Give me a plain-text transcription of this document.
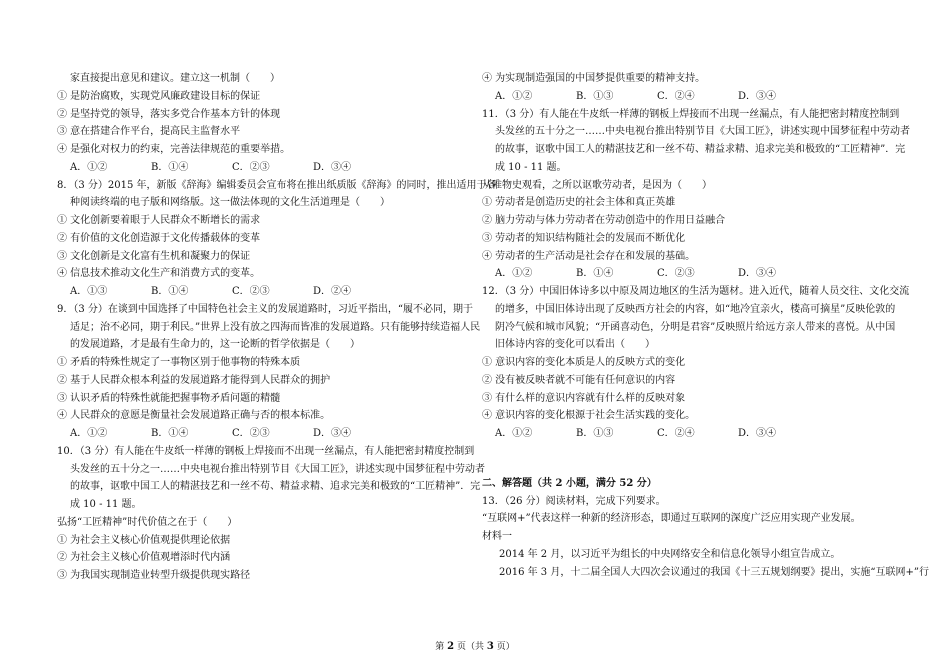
家直接提出意见和建议。建立这一机制（　　）
① 是防治腐败，实现党风廉政建设目标的保证
② 是坚持党的领导，落实多党合作基本方针的体现
③ 意在搭建合作平台，提高民主监督水平
④ 是强化对权力的约束，完善法律规范的重要举措。
A．①②	B．①④	C．②③	D．③④
8．（3 分）2015 年，新版《辞海》编辑委员会宣布将在推出纸质版《辞海》的同时，推出适用于各
种阅读终端的电子版和网络版。这一做法体现的文化生活道理是（　　）
① 文化创新要着眼于人民群众不断增长的需求
② 有价值的文化创造源于文化传播载体的变革
③ 文化创新是文化富有生机和凝聚力的保证
④ 信息技术推动文化生产和消费方式的变革。
A．①③	B．①④	C．②③	D．②④
9．（3 分）在谈到中国选择了中国特色社会主义的发展道路时，习近平指出，“履不必同，期于
适足；治不必同，期于利民。”世界上没有放之四海而皆准的发展道路。只有能够持续造福人民
的发展道路，才是最有生命力的，这一论断的哲学依据是（　　）
① 矛盾的特殊性规定了一事物区别于他事物的特殊本质
② 基于人民群众根本利益的发展道路才能得到人民群众的拥护
③ 认识矛盾的特殊性就能把握事物矛盾问题的精髓
④ 人民群众的意愿是衡量社会发展道路正确与否的根本标准。
A．①②	B．①④	C．②③	D．③④
10．（3 分）有人能在牛皮纸一样薄的钢板上焊接而不出现一丝漏点，有人能把密封精度控制到
头发丝的五十分之一……中央电视台推出特别节目《大国工匠》，讲述实现中国梦征程中劳动者
的故事，讴歌中国工人的精湛技艺和一丝不苟、精益求精、追求完美和极致的“工匠精神”．完
成 10 - 11 题。
弘扬“工匠精神”时代价值之在于（　　）
① 为社会主义核心价值观提供理论依据
② 为社会主义核心价值观增添时代内涵
③ 为我国实现制造业转型升级提供现实路径
④ 为实现制造强国的中国梦提供重要的精神支持。
A．①②	B．①③	C．②④	D．③④
11．（3 分）有人能在牛皮纸一样薄的钢板上焊接而不出现一丝漏点，有人能把密封精度控制到
头发丝的五十分之一……中央电视台推出特别节目《大国工匠》，讲述实现中国梦征程中劳动者
的故事，讴歌中国工人的精湛技艺和一丝不苟、精益求精、追求完美和极致的“工匠精神”．完
成 10 - 11 题。
从唯物史观看，之所以讴歌劳动者，是因为（　　）
① 劳动者是创造历史的社会主体和真正英雄
② 脑力劳动与体力劳动者在劳动创造中的作用日益融合
③ 劳动者的知识结构随社会的发展而不断优化
④ 劳动者的生产活动是社会存在和发展的基础。
A．①②	B．①④	C．②③	D．③④
12．（3 分）中国旧体诗多以中原及周边地区的生活为题材。进入近代，随着人员交往、文化交流
的增多，中国旧体诗出现了反映西方社会的内容，如“地冷宜亲火，楼高可摘星”反映伦敦的
阴冷气候和城市风貌；“开函喜动色，分明是君容”反映照片给远方亲人带来的喜悦。从中国
旧体诗内容的变化可以看出（　　）
① 意识内容的变化本质是人的反映方式的变化
② 没有被反映者就不可能有任何意识的内容
③ 有什么样的意识内容就有什么样的反映对象
④ 意识内容的变化根源于社会生活实践的变化。
A．①②	B．①③	C．②④	D．③④
二、解答题（共 2 小题，满分 52 分）
13．（26 分）阅读材料，完成下列要求。
“互联网+”代表这样一种新的经济形态，即通过互联网的深度广泛应用实现产业发展。
材料一
2014 年 2 月，以习近平为组长的中央网络安全和信息化领导小组宣告成立。
2016 年 3 月，十二届全国人大四次会议通过的我国《十三五规划纲要》提出，实施“互联网+”行
第 2 页（共 3 页）
